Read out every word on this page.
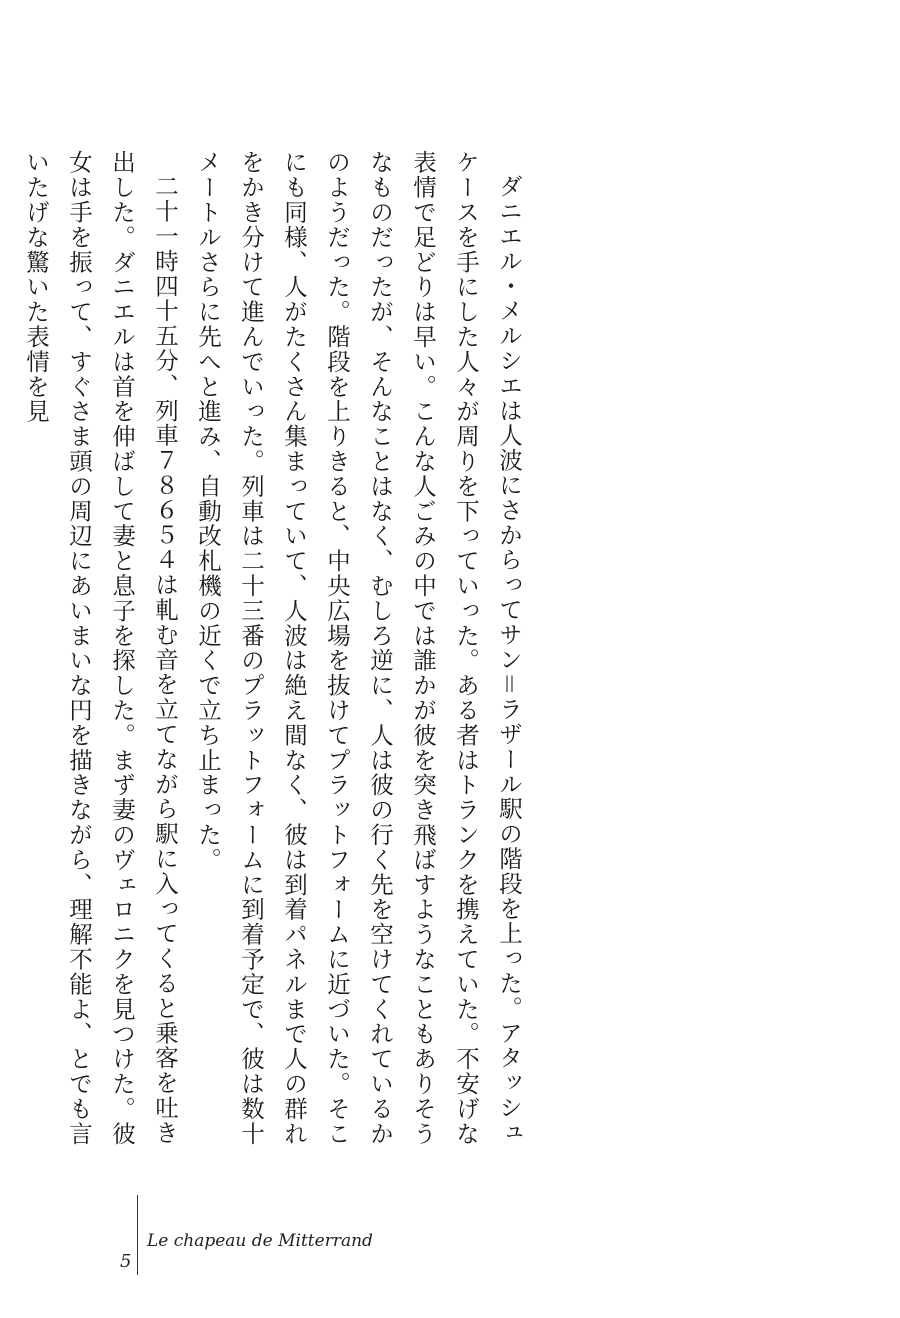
ダニエル・メルシエは人波にさからってサン＝ラザール駅の階段を上った。アタッシュケースを手にした人々が周りを下っていった。ある者はトランクを携えていた。不安げな表情で足どりは早い。こんな人ごみの中では誰かが彼を突き飛ばすようなこともありそうなものだったが、そんなことはなく、むしろ逆に、人は彼の行く先を空けてくれているかのようだった。階段を上りきると、中央広場を抜けてプラットフォームに近づいた。そこにも同様、人がたくさん集まっていて、人波は絶え間なく、彼は到着パネルまで人の群れをかき分けて進んでいった。列車は二十三番のプラットフォームに到着予定で、彼は数十メートルさらに先へと進み、自動改札機の近くで立ち止まった。

二十一時四十五分、列車７８６５４は軋む音を立てながら駅に入ってくると乗客を吐き出した。ダニエルは首を伸ばして妻と息子を探した。まず妻のヴェロニクを見つけた。彼女は手を振って、すぐさま頭の周辺にあいまいな円を描きながら、理解不能よ、とでも言いたげな驚いた表情を見

5
Le chapeau de Mitterrand
